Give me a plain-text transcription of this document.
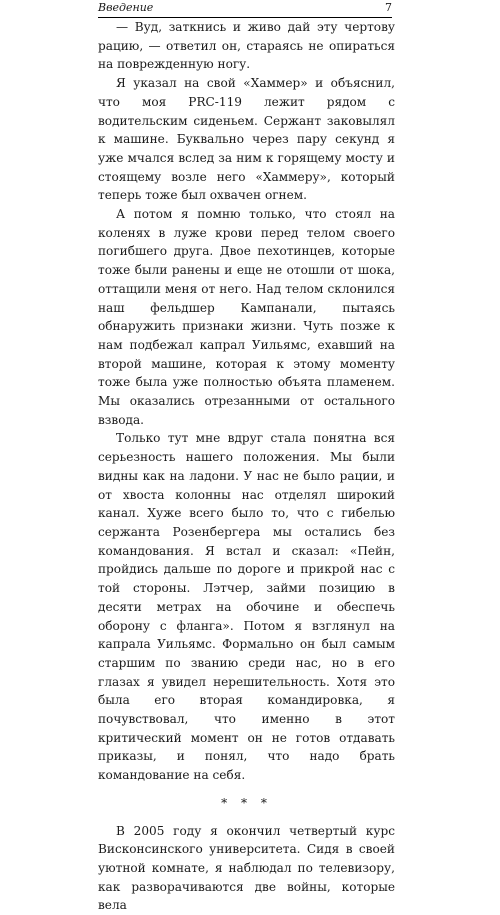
Введение	7

— Вуд, заткнись и живо дай эту чертову рацию, — ответил он, стараясь не опираться на поврежденную ногу.

Я указал на свой «Хаммер» и объяснил, что моя PRC-119 лежит рядом с водительским сиденьем. Сержант заковылял к машине. Буквально через пару секунд я уже мчался вслед за ним к горящему мосту и стоящему возле него «Хаммеру», который теперь тоже был охвачен огнем.

А потом я помню только, что стоял на коленях в луже крови перед телом своего погибшего друга. Двое пехотинцев, которые тоже были ранены и еще не отошли от шока, оттащили меня от него. Над телом склонился наш фельдшер Кампанали, пытаясь обнаружить признаки жизни. Чуть позже к нам подбежал капрал Уильямс, ехавший на второй машине, которая к этому моменту тоже была уже полностью объята пламенем. Мы оказались отрезанными от остального взвода.

Только тут мне вдруг стала понятна вся серьезность нашего положения. Мы были видны как на ладони. У нас не было рации, и от хвоста колонны нас отделял широкий канал. Хуже всего было то, что с гибелью сержанта Розенбергера мы остались без командования. Я встал и сказал: «Пейн, пройдись дальше по дороге и прикрой нас с той стороны. Лэтчер, займи позицию в десяти метрах на обочине и обеспечь оборону с фланга». Потом я взглянул на капрала Уильямс. Формально он был самым старшим по званию среди нас, но в его глазах я увидел нерешительность. Хотя это была его вторая командировка, я почувствовал, что именно в этот критический момент он не готов отдавать приказы, и понял, что надо брать командование на себя.

* * *

В 2005 году я окончил четвертый курс Висконсинского университета. Сидя в своей уютной комнате, я наблюдал по телевизору, как разворачиваются две войны, которые вела
